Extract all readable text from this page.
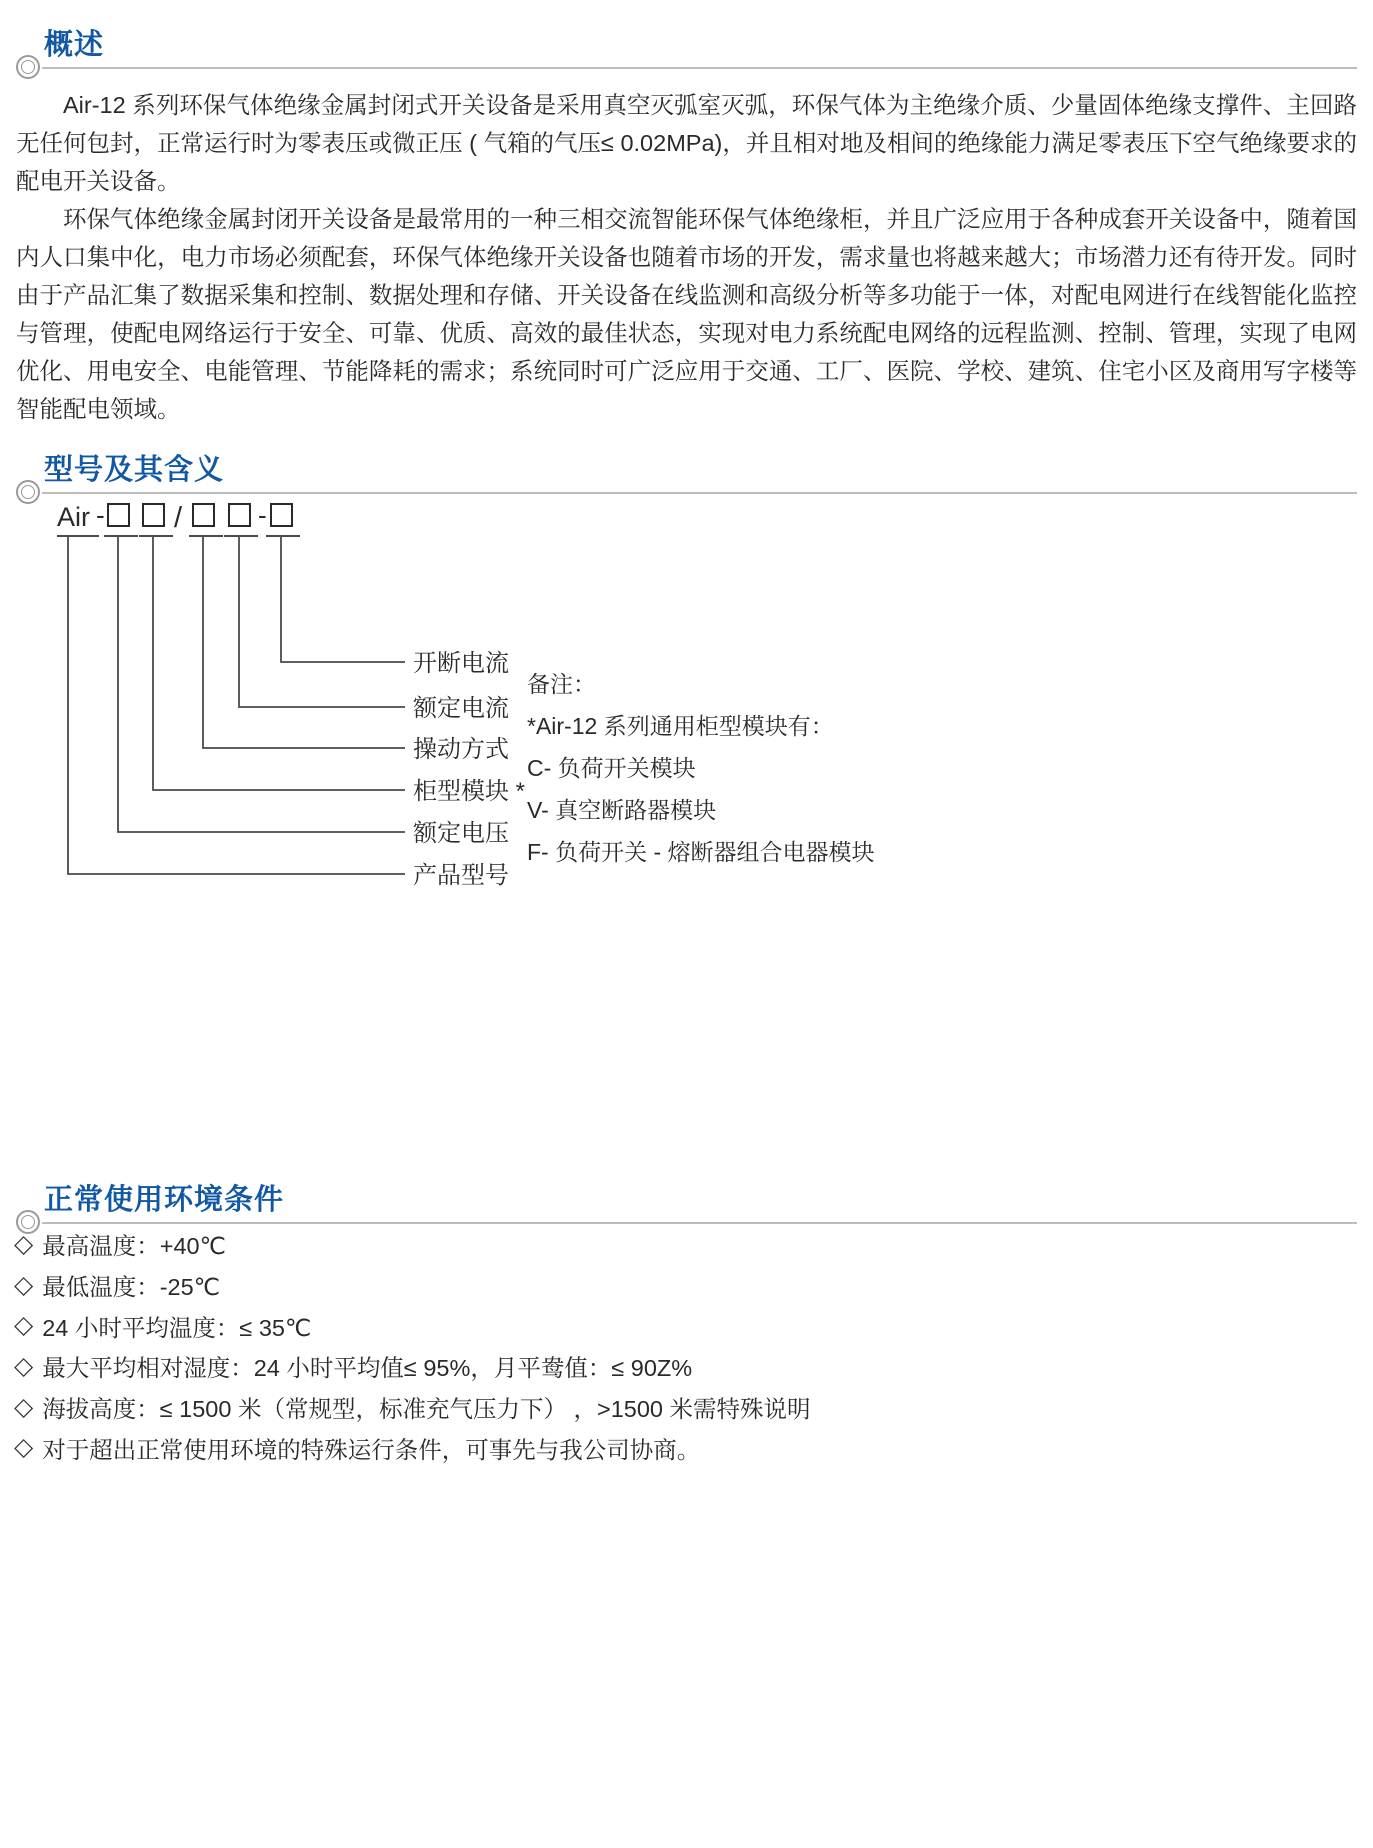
概述

Air-12 系列环保气体绝缘金属封闭式开关设备是采用真空灭弧室灭弧，环保气体为主绝缘介质、少量固体绝缘支撑件、主回路无任何包封，正常运行时为零表压或微正压 ( 气箱的气压≤ 0.02MPa)，并且相对地及相间的绝缘能力满足零表压下空气绝缘要求的配电开关设备。

环保气体绝缘金属封闭开关设备是最常用的一种三相交流智能环保气体绝缘柜，并且广泛应用于各种成套开关设备中，随着国内人口集中化，电力市场必须配套，环保气体绝缘开关设备也随着市场的开发，需求量也将越来越大；市场潜力还有待开发。同时由于产品汇集了数据采集和控制、数据处理和存储、开关设备在线监测和高级分析等多功能于一体，对配电网进行在线智能化监控与管理，使配电网络运行于安全、可靠、优质、高效的最佳状态，实现对电力系统配电网络的远程监测、控制、管理，实现了电网优化、用电安全、电能管理、节能降耗的需求；系统同时可广泛应用于交通、工厂、医院、学校、建筑、住宅小区及商用写字楼等智能配电领域。

型号及其含义
Air - /	-
开断电流
额定电流
操动方式
柜型模块 *
额定电压
产品型号
备注：
*Air-12 系列通用柜型模块有：
C- 负荷开关模块
V- 真空断路器模块
F- 负荷开关 - 熔断器组合电器模块
正常使用环境条件
◇ 最高温度：+40℃
◇ 最低温度：-25℃
◇ 24 小时平均温度：≤ 35℃
◇ 最大平均相对湿度：24 小时平均值≤ 95%，月平鸯值：≤ 90Z%
◇ 海拔高度：≤ 1500 米（常规型，标准充气压力下） ，>1500 米需特殊说明
◇ 对于超出正常使用环境的特殊运行条件，可事先与我公司协商。
